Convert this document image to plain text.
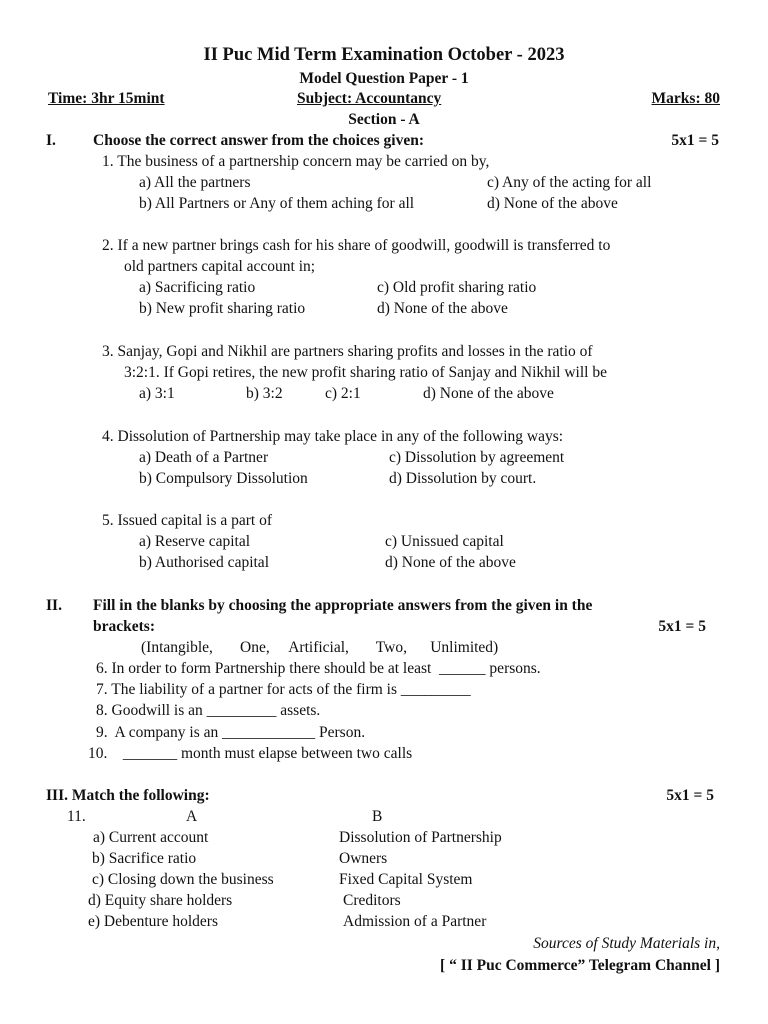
II Puc Mid Term Examination October - 2023
Model Question Paper - 1
Time: 3hr 15mint	Subject: Accountancy	Marks: 80
Section - A
I. Choose the correct answer from the choices given:	5x1 = 5
1. The business of a partnership concern may be carried on by,
a) All the partners	c) Any of the acting for all
b) All Partners or Any of them aching for all	d) None of the above
2. If a new partner brings cash for his share of goodwill, goodwill is transferred to
old partners capital account in;
a) Sacrificing ratio	c) Old profit sharing ratio
b) New profit sharing ratio	d) None of the above
3. Sanjay, Gopi and Nikhil are partners sharing profits and losses in the ratio of
3:2:1. If Gopi retires, the new profit sharing ratio of Sanjay and Nikhil will be
a) 3:1	b) 3:2	c) 2:1	d) None of the above
4. Dissolution of Partnership may take place in any of the following ways:
a) Death of a Partner	c) Dissolution by agreement
b) Compulsory Dissolution	d) Dissolution by court.
5. Issued capital is a part of
a) Reserve capital	c) Unissued capital
b) Authorised capital	d) None of the above
II. Fill in the blanks by choosing the appropriate answers from the given in the
brackets:	5x1 = 5
(Intangible,       One,     Artificial,       Two,      Unlimited)
6. In order to form Partnership there should be at least  ______ persons.
7. The liability of a partner for acts of the firm is _________
8. Goodwill is an _________ assets.
9.  A company is an ____________ Person.
10.    _______ month must elapse between two calls
III. Match the following:	5x1 = 5
11.	A	B
a) Current account	Dissolution of Partnership
b) Sacrifice ratio	Owners
c) Closing down the business	Fixed Capital System
d) Equity share holders	Creditors
e) Debenture holders	Admission of a Partner
Sources of Study Materials in,
[ “ II Puc Commerce” Telegram Channel ]
